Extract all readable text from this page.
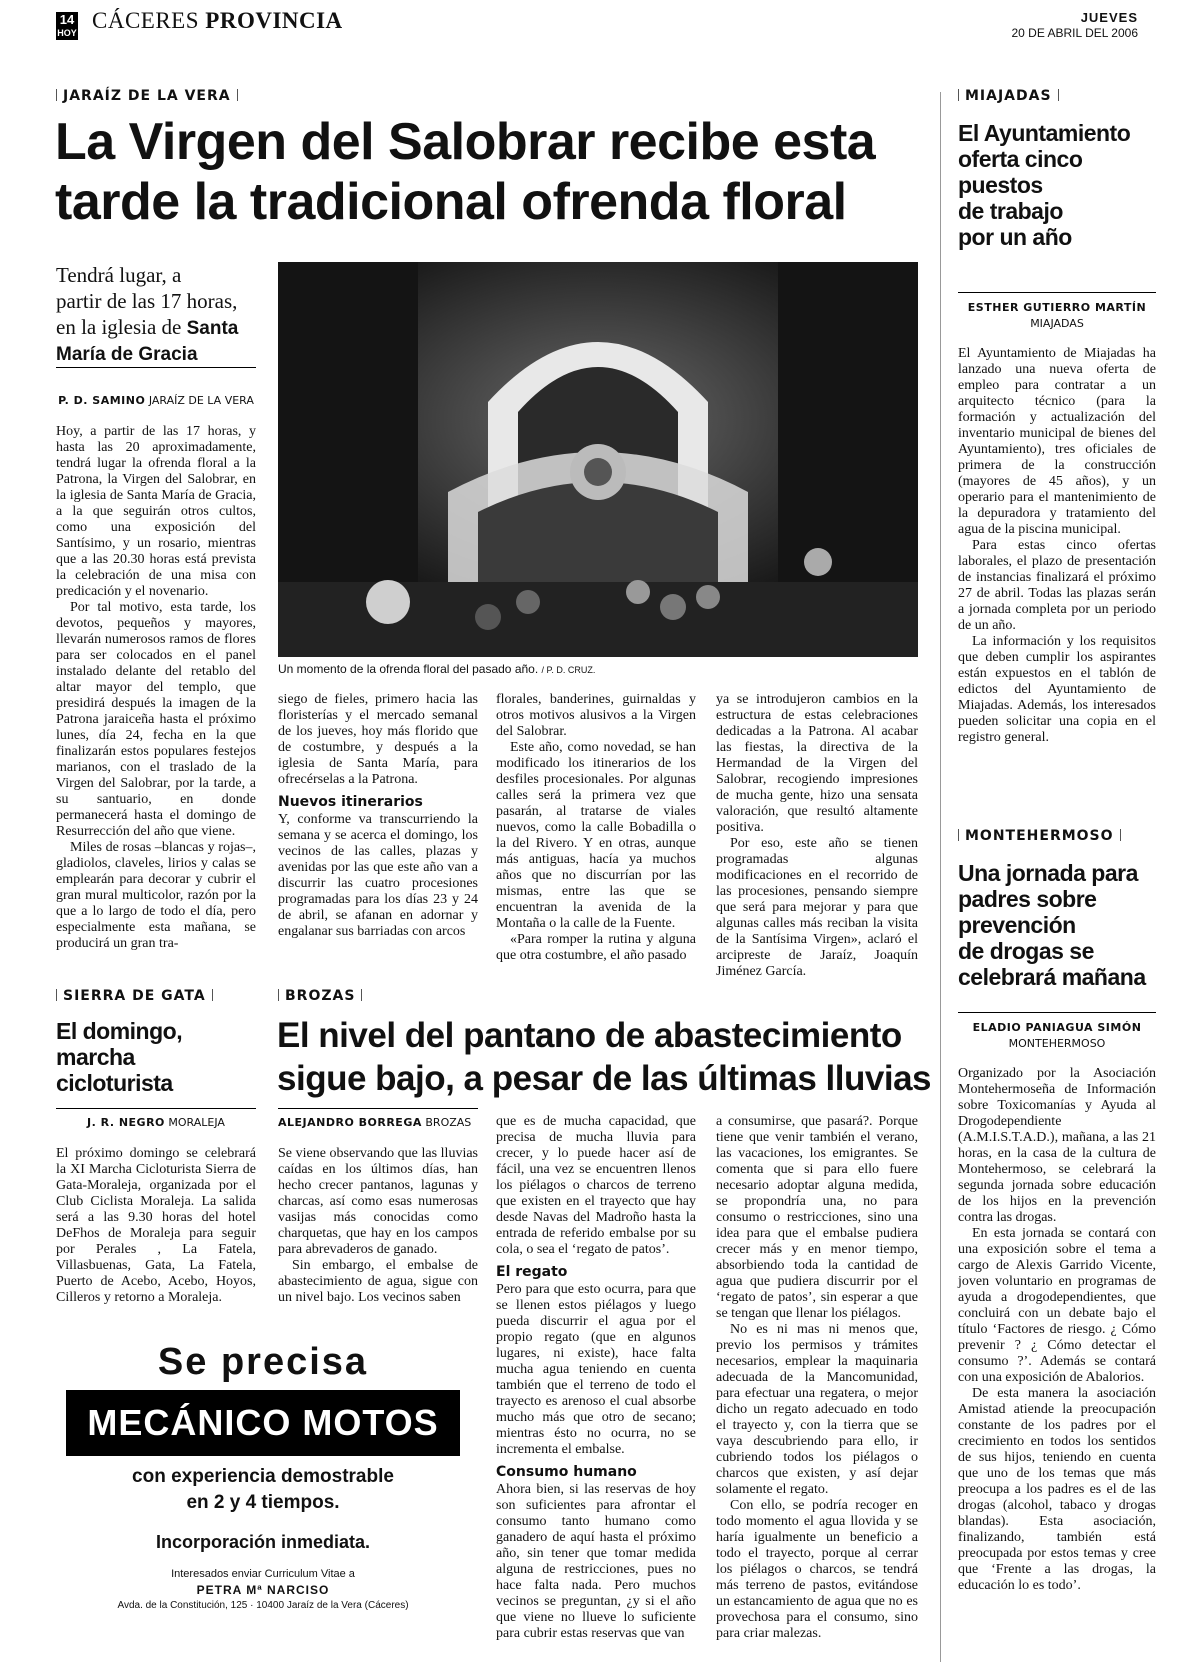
14
HOY CÁCERES PROVINCIA	JUEVES
20 DE ABRIL DEL 2006
JARAÍZ DE LA VERA
La Virgen del Salobrar recibe esta
tarde la tradicional ofrenda floral
Tendrá lugar, a
partir de las 17 horas,
en la iglesia de Santa
María de Gracia
P. D. SAMINO JARAÍZ DE LA VERA
Un momento de la ofrenda floral del pasado año. / P. D. CRUZ.

Hoy, a partir de las 17 horas, y hasta las 20 aproximadamente, tendrá lugar la ofrenda floral a la Patrona, la Virgen del Salobrar, en la iglesia de Santa María de Gracia, a la que seguirán otros cultos, como una exposición del Santísimo, y un rosario, mientras que a las 20.30 horas está prevista la celebración de una misa con predicación y el novenario.

Por tal motivo, esta tarde, los devotos, pequeños y mayores, llevarán numerosos ramos de flores para ser colocados en el panel instalado delante del retablo del altar mayor del templo, que presidirá después la imagen de la Patrona jaraiceña hasta el próximo lunes, día 24, fecha en la que finalizarán estos populares festejos marianos, con el traslado de la Virgen del Salobrar, por la tarde, a su santuario, en donde permanecerá hasta el domingo de Resurrección del año que viene.

Miles de rosas –blancas y rojas–, gladiolos, claveles, lirios y calas se emplearán para decorar y cubrir el gran mural multicolor, razón por la que a lo largo de todo el día, pero especialmente esta mañana, se producirá un gran tra-

siego de fieles, primero hacia las floristerías y el mercado semanal de los jueves, hoy más florido que de costumbre, y después a la iglesia de Santa María, para ofrecérselas a la Patrona.

Nuevos itinerarios

Y, conforme va transcurriendo la semana y se acerca el domingo, los vecinos de las calles, plazas y avenidas por las que este año van a discurrir las cuatro procesiones programadas para los días 23 y 24 de abril, se afanan en adornar y engalanar sus barriadas con arcos

florales, banderines, guirnaldas y otros motivos alusivos a la Virgen del Salobrar.

Este año, como novedad, se han modificado los itinerarios de los desfiles procesionales. Por algunas calles será la primera vez que pasarán, al tratarse de viales nuevos, como la calle Bobadilla o la del Rivero. Y en otras, aunque más antiguas, hacía ya muchos años que no discurrían por las mismas, entre las que se encuentran la avenida de la Montaña o la calle de la Fuente.

«Para romper la rutina y alguna que otra costumbre, el año pasado

ya se introdujeron cambios en la estructura de estas celebraciones dedicadas a la Patrona. Al acabar las fiestas, la directiva de la Hermandad de la Virgen del Salobrar, recogiendo impresiones de mucha gente, hizo una sensata valoración, que resultó altamente positiva.

Por eso, este año se tienen programadas algunas modificaciones en el recorrido de las procesiones, pensando siempre que será para mejorar y para que algunas calles más reciban la visita de la Santísima Virgen», aclaró el arcipreste de Jaraíz, Joaquín Jiménez García.

MIAJADAS
El Ayuntamiento
oferta cinco
puestos
de trabajo
por un año
ESTHER GUTIERRO MARTÍN
MIAJADAS

El Ayuntamiento de Miajadas ha lanzado una nueva oferta de empleo para contratar a un arquitecto técnico (para la formación y actualización del inventario municipal de bienes del Ayuntamiento), tres oficiales de primera de la construcción (mayores de 45 años), y un operario para el mantenimiento de la depuradora y tratamiento del agua de la piscina municipal.

Para estas cinco ofertas laborales, el plazo de presentación de instancias finalizará el próximo 27 de abril. Todas las plazas serán a jornada completa por un periodo de un año.

La información y los requisitos que deben cumplir los aspirantes están expuestos en el tablón de edictos del Ayuntamiento de Miajadas. Además, los interesados pueden solicitar una copia en el registro general.

MONTEHERMOSO
Una jornada para
padres sobre
prevención
de drogas se
celebrará mañana
ELADIO PANIAGUA SIMÓN
MONTEHERMOSO

Organizado por la Asociación Montehermoseña de Información sobre Toxicomanías y Ayuda al Drogodependiente (A.M.I.S.T.A.D.), mañana, a las 21 horas, en la casa de la cultura de Montehermoso, se celebrará la segunda jornada sobre educación de los hijos en la prevención contra las drogas.

En esta jornada se contará con una exposición sobre el tema a cargo de Alexis Garrido Vicente, joven voluntario en programas de ayuda a drogodependientes, que concluirá con un debate bajo el título ‘Factores de riesgo. ¿ Cómo prevenir ? ¿ Cómo detectar el consumo ?’. Además se contará con una exposición de Abalorios.

De esta manera la asociación Amistad atiende la preocupación constante de los padres por el crecimiento en todos los sentidos de sus hijos, teniendo en cuenta que uno de los temas que más preocupa a los padres es el de las drogas (alcohol, tabaco y drogas blandas). Esta asociación, finalizando, también está preocupada por estos temas y cree que ‘Frente a las drogas, la educación lo es todo’.

SIERRA DE GATA
El domingo,
marcha
cicloturista
J. R. NEGRO MORALEJA

El próximo domingo se celebrará la XI Marcha Cicloturista Sierra de Gata-Moraleja, organizada por el Club Ciclista Moraleja. La salida será a las 9.30 horas del hotel DeFhos de Moraleja para seguir por Perales , La Fatela, Villasbuenas, Gata, La Fatela, Puerto de Acebo, Acebo, Hoyos, Cilleros y retorno a Moraleja.

BROZAS
El nivel del pantano de abastecimiento
sigue bajo, a pesar de las últimas lluvias
ALEJANDRO BORREGA BROZAS

Se viene observando que las lluvias caídas en los últimos días, han hecho crecer pantanos, lagunas y charcas, así como esas numerosas vasijas más conocidas como charquetas, que hay en los campos para abrevaderos de ganado.

Sin embargo, el embalse de abastecimiento de agua, sigue con un nivel bajo. Los vecinos saben

que es de mucha capacidad, que precisa de mucha lluvia para crecer, y lo puede hacer así de fácil, una vez se encuentren llenos los piélagos o charcos de terreno que existen en el trayecto que hay desde Navas del Madroño hasta la entrada de referido embalse por su cola, o sea el ‘regato de patos’.

El regato

Pero para que esto ocurra, para que se llenen estos piélagos y luego pueda discurrir el agua por el propio regato (que en algunos lugares, ni existe), hace falta mucha agua teniendo en cuenta también que el terreno de todo el trayecto es arenoso el cual absorbe mucho más que otro de secano; mientras ésto no ocurra, no se incrementa el embalse.

Consumo humano

Ahora bien, si las reservas de hoy son suficientes para afrontar el consumo tanto humano como ganadero de aquí hasta el próximo año, sin tener que tomar medida alguna de restricciones, pues no hace falta nada. Pero muchos vecinos se preguntan, ¿y si el año que viene no llueve lo suficiente para cubrir estas reservas que van

a consumirse, que pasará?. Porque tiene que venir también el verano, las vacaciones, los emigrantes. Se comenta que si para ello fuere necesario adoptar alguna medida, se propondría una, no para consumo o restricciones, sino una idea para que el embalse pudiera crecer más y en menor tiempo, absorbiendo toda la cantidad de agua que pudiera discurrir por el ‘regato de patos’, sin esperar a que se tengan que llenar los piélagos.

No es ni mas ni menos que, previo los permisos y trámites necesarios, emplear la maquinaria adecuada de la Mancomunidad, para efectuar una regatera, o mejor dicho un regato adecuado en todo el trayecto y, con la tierra que se vaya descubriendo para ello, ir cubriendo todos los piélagos o charcos que existen, y así dejar solamente el regato.

Con ello, se podría recoger en todo momento el agua llovida y se haría igualmente un beneficio a todo el trayecto, porque al cerrar los piélagos o charcos, se tendrá más terreno de pastos, evitándose un estancamiento de agua que no es provechosa para el consumo, sino para criar malezas.

Se precisa
MECÁNICO MOTOS
con experiencia demostrable
en 2 y 4 tiempos.
Incorporación inmediata.
Interesados enviar Curriculum Vitae a
PETRA Mª NARCISO
Avda. de la Constitución, 125 · 10400 Jaraíz de la Vera (Cáceres)
